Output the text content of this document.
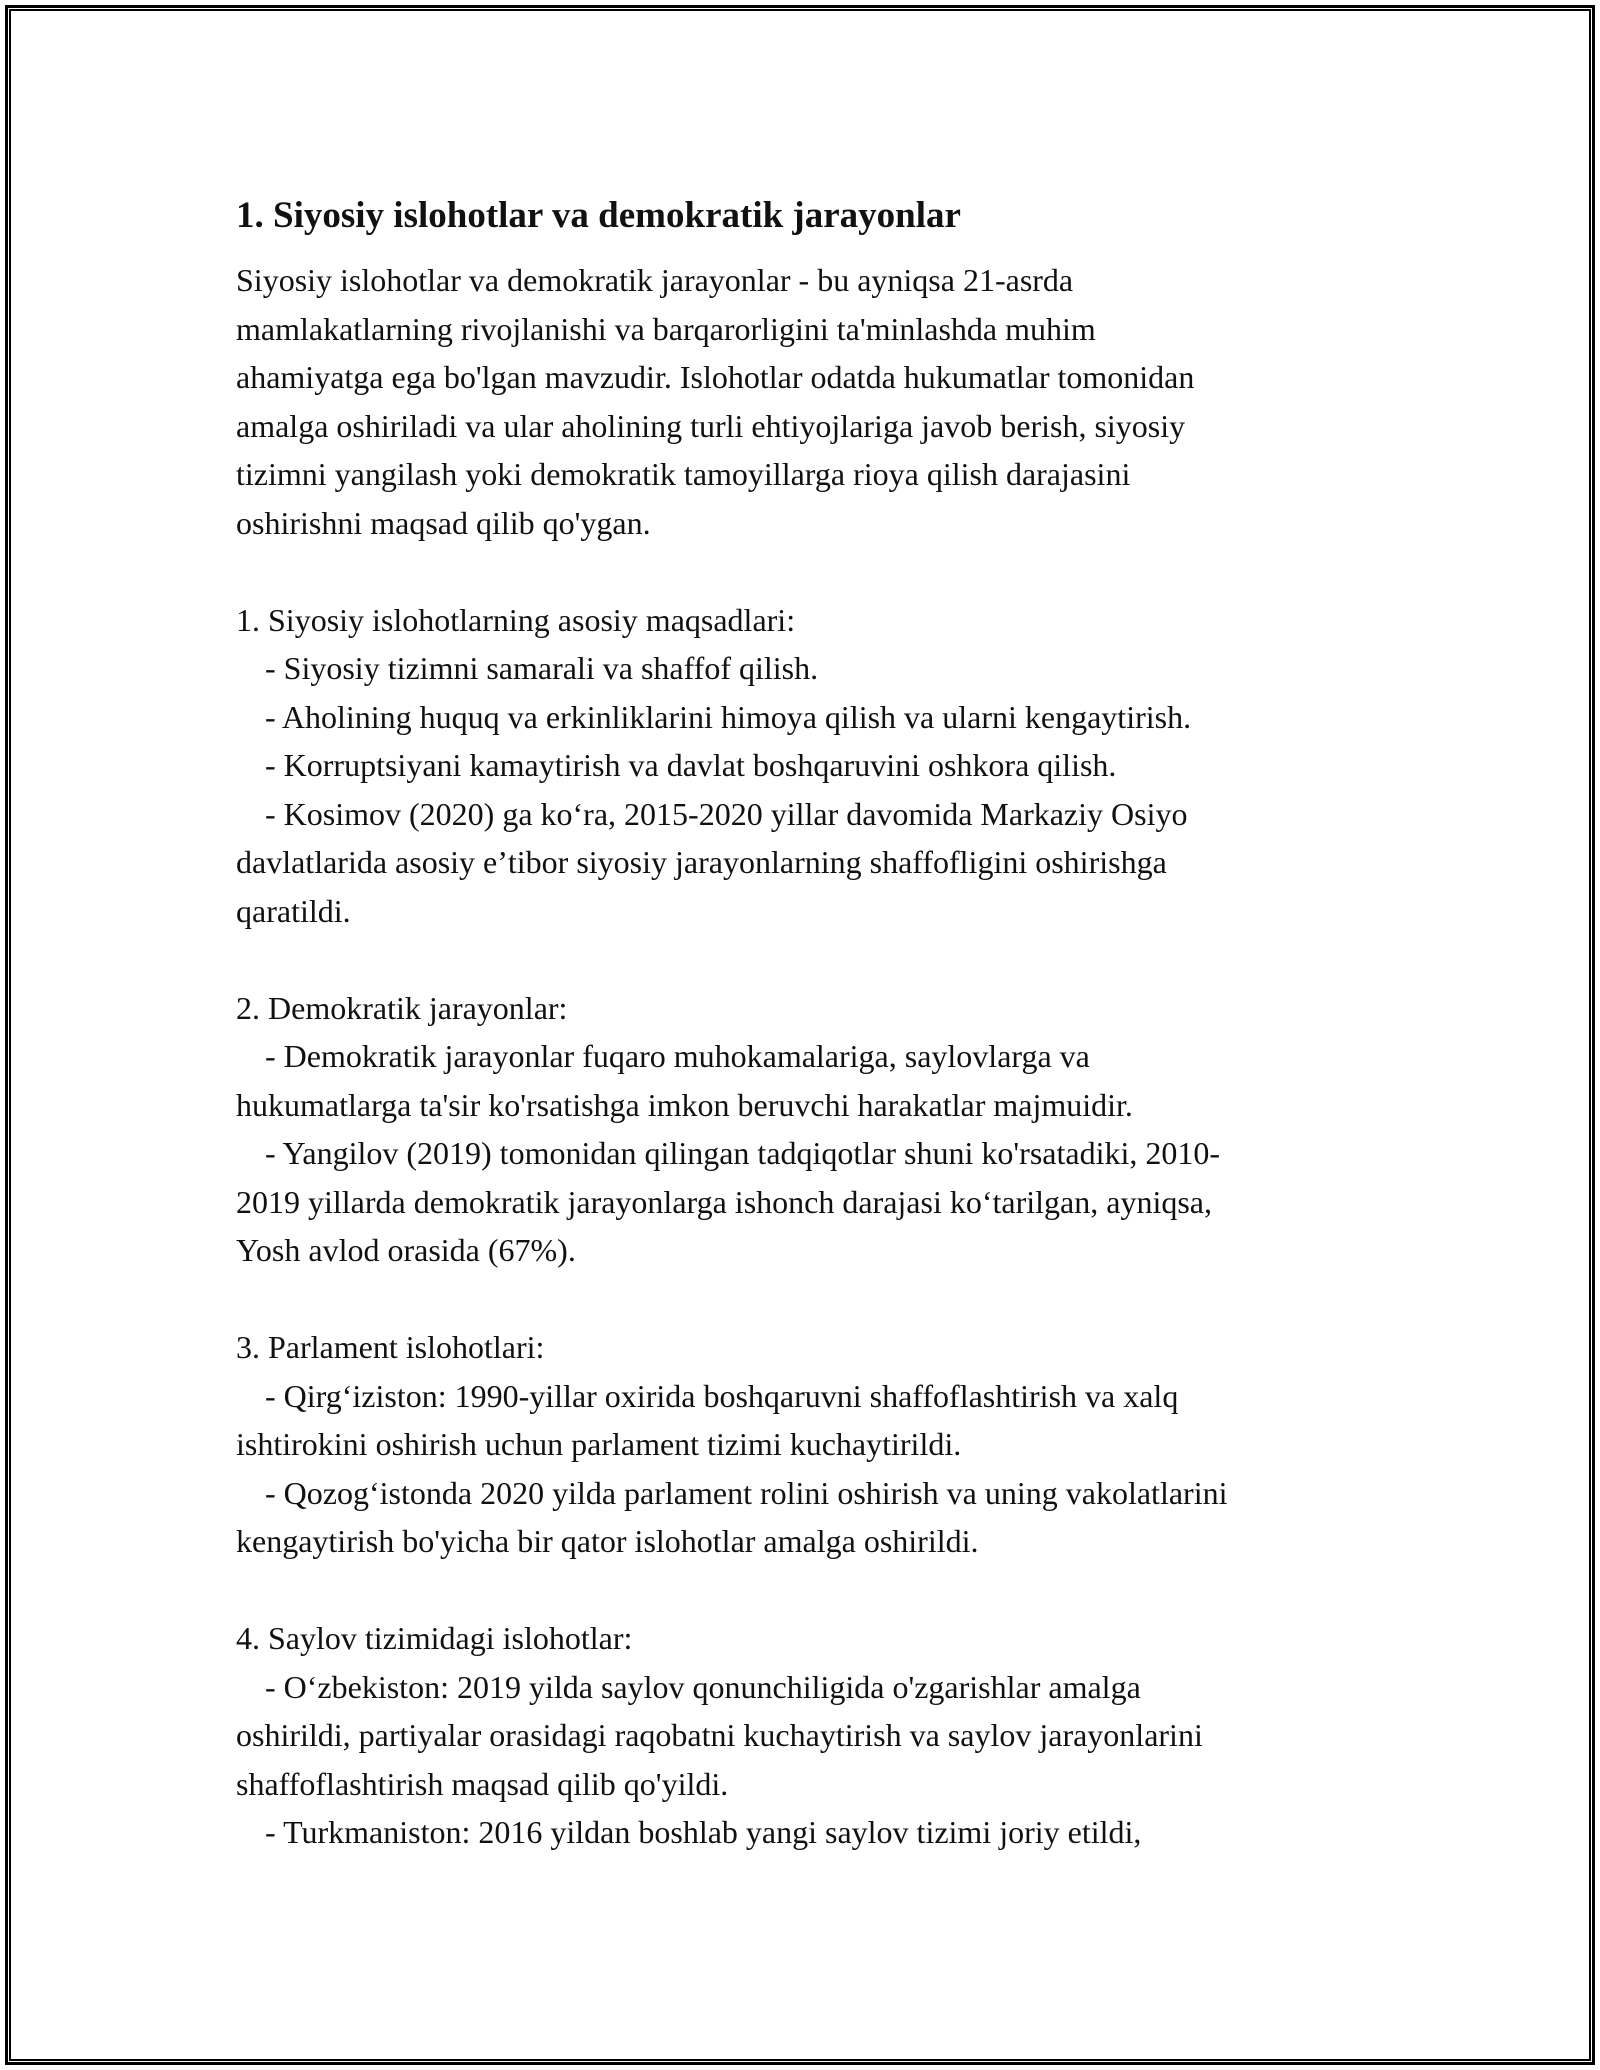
1. Siyosiy islohotlar va demokratik jarayonlar
Siyosiy islohotlar va demokratik jarayonlar - bu ayniqsa 21-asrda
mamlakatlarning rivojlanishi va barqarorligini ta'minlashda muhim
ahamiyatga ega bo'lgan mavzudir. Islohotlar odatda hukumatlar tomonidan
amalga oshiriladi va ular aholining turli ehtiyojlariga javob berish, siyosiy
tizimni yangilash yoki demokratik tamoyillarga rioya qilish darajasini
oshirishni maqsad qilib qo'ygan.
1. Siyosiy islohotlarning asosiy maqsadlari:
- Siyosiy tizimni samarali va shaffof qilish.
- Aholining huquq va erkinliklarini himoya qilish va ularni kengaytirish.
- Korruptsiyani kamaytirish va davlat boshqaruvini oshkora qilish.
- Kosimov (2020) ga koʻra, 2015-2020 yillar davomida Markaziy Osiyo
davlatlarida asosiy eʼtibor siyosiy jarayonlarning shaffofligini oshirishga
qaratildi.
2. Demokratik jarayonlar:
- Demokratik jarayonlar fuqaro muhokamalariga, saylovlarga va
hukumatlarga ta'sir ko'rsatishga imkon beruvchi harakatlar majmuidir.
- Yangilov (2019) tomonidan qilingan tadqiqotlar shuni ko'rsatadiki, 2010-
2019 yillarda demokratik jarayonlarga ishonch darajasi koʻtarilgan, ayniqsa,
Yosh avlod orasida (67%).
3. Parlament islohotlari:
- Qirgʻiziston: 1990-yillar oxirida boshqaruvni shaffoflashtirish va xalq
ishtirokini oshirish uchun parlament tizimi kuchaytirildi.
- Qozogʻistonda 2020 yilda parlament rolini oshirish va uning vakolatlarini
kengaytirish bo'yicha bir qator islohotlar amalga oshirildi.
4. Saylov tizimidagi islohotlar:
- Oʻzbekiston: 2019 yilda saylov qonunchiligida o'zgarishlar amalga
oshirildi, partiyalar orasidagi raqobatni kuchaytirish va saylov jarayonlarini
shaffoflashtirish maqsad qilib qo'yildi.
- Turkmaniston: 2016 yildan boshlab yangi saylov tizimi joriy etildi,
